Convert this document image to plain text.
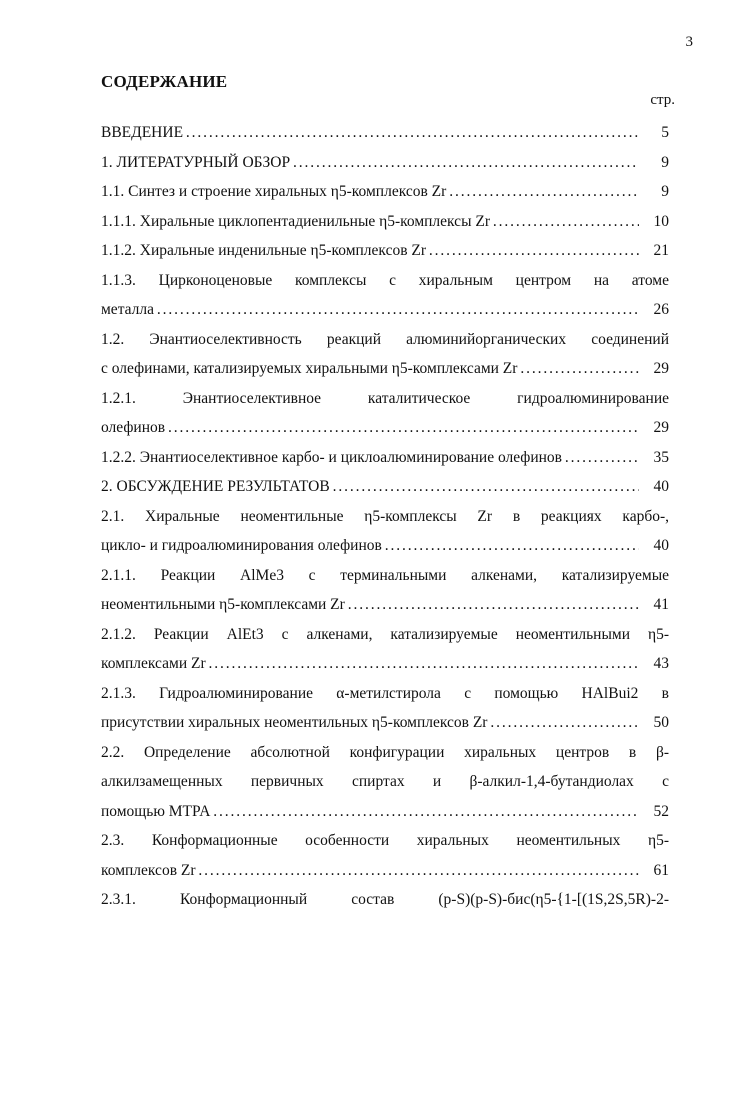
3
СОДЕРЖАНИЕ
стр.
ВВЕДЕНИЕ . . .	5
1. ЛИТЕРАТУРНЫЙ ОБЗОР . . .	9
1.1. Синтез и строение хиральных η5-комплексов Zr . . .	9
1.1.1. Хиральные циклопентадиенильные η5-комплексы Zr . . .	10
1.1.2. Хиральные инденильные η5-комплексов Zr . . .	21
1.1.3. Цирконоценовые комплексы с хиральным центром на атоме
металла . . .	26
1.2. Энантиоселективность реакций алюминийорганических соединений
с олефинами, катализируемых хиральными η5-комплексами Zr . . .	29
1.2.1. Энантиоселективное каталитическое гидроалюминирование
олефинов . . .	29
1.2.2. Энантиоселективное карбо- и циклоалюминирование олефинов . . .	35
2. ОБСУЖДЕНИЕ РЕЗУЛЬТАТОВ . . .	40
2.1. Хиральные неоментильные η5-комплексы Zr в реакциях карбо-,
цикло- и гидроалюминирования олефинов . . .	40
2.1.1. Реакции AlMe3 с терминальными алкенами, катализируемые
неоментильными η5-комплексами Zr . . .	41
2.1.2. Реакции AlEt3 с алкенами, катализируемые неоментильными η5-
комплексами Zr . . .	43
2.1.3. Гидроалюминирование α-метилстирола с помощью HAlBui2 в
присутствии хиральных неоментильных η5-комплексов Zr . . .	50
2.2. Определение абсолютной конфигурации хиральных центров в β-
алкилзамещенных первичных спиртах и β-алкил-1,4-бутандиолах с
помощью MTPA . . .	52
2.3. Конформационные особенности хиральных неоментильных η5-
комплексов Zr . . .	61
2.3.1. Конформационный состав (p-S)(p-S)-бис(η5-{1-[(1S,2S,5R)-2-
